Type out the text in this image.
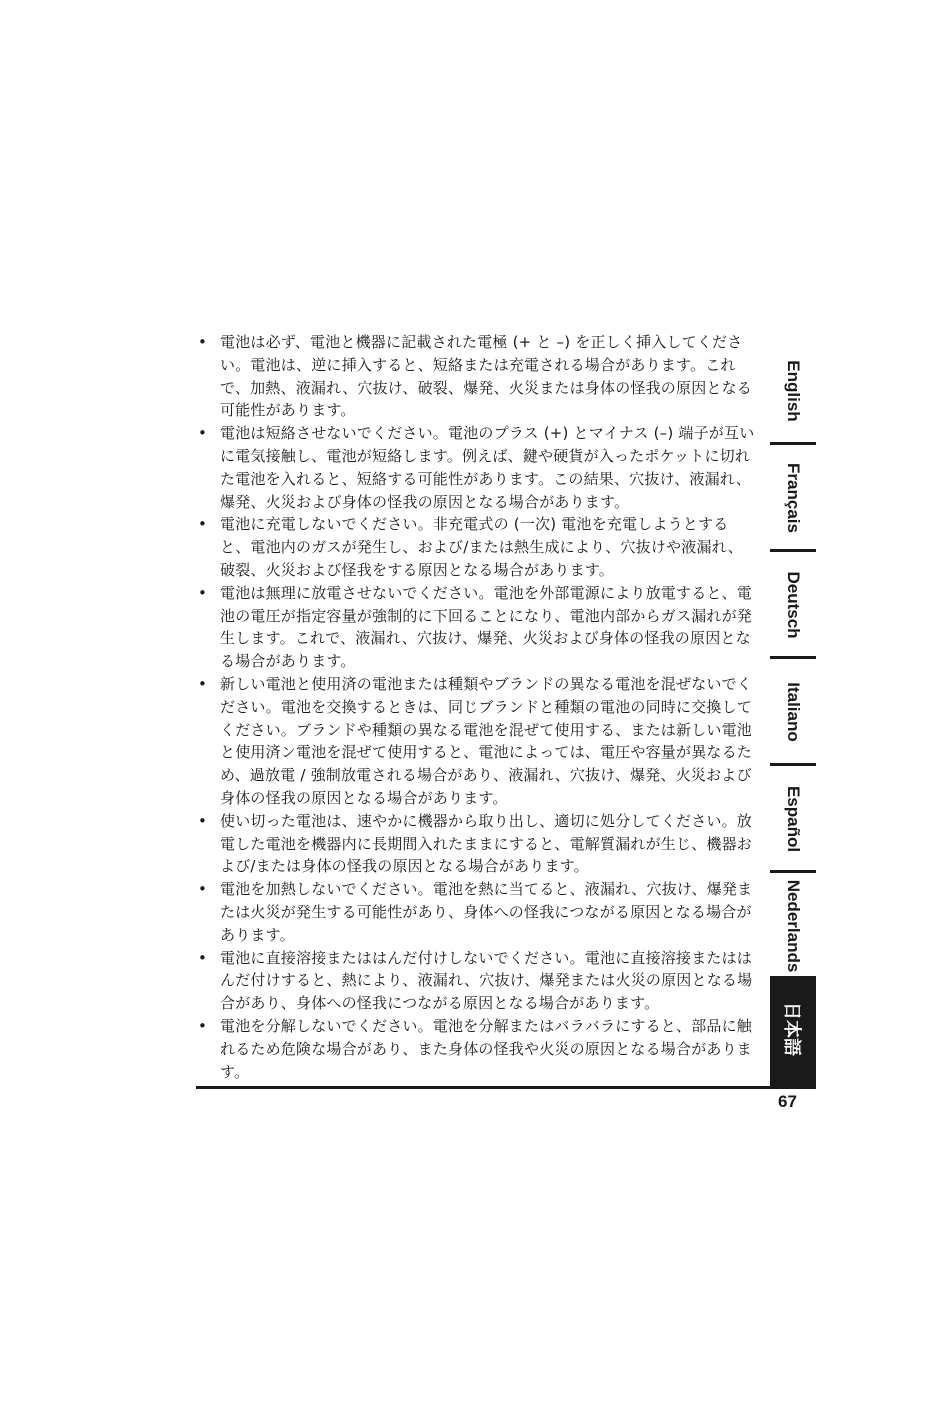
• 電池は必ず、電池と機器に記載された電極 (+ と –) を正しく挿入してください。電池は、逆に挿入すると、短絡または充電される場合があります。これで、加熱、液漏れ、穴抜け、破裂、爆発、火災または身体の怪我の原因となる可能性があります。
• 電池は短絡させないでください。電池のプラス (+) とマイナス (–) 端子が互いに電気接触し、電池が短絡します。例えば、鍵や硬貨が入ったポケットに切れた電池を入れると、短絡する可能性があります。この結果、穴抜け、液漏れ、爆発、火災および身体の怪我の原因となる場合があります。
• 電池に充電しないでください。非充電式の (一次) 電池を充電しようとすると、電池内のガスが発生し、および/または熱生成により、穴抜けや液漏れ、破裂、火災および怪我をする原因となる場合があります。
• 電池は無理に放電させないでください。電池を外部電源により放電すると、電池の電圧が指定容量が強制的に下回ることになり、電池内部からガス漏れが発生します。これで、液漏れ、穴抜け、爆発、火災および身体の怪我の原因となる場合があります。
• 新しい電池と使用済の電池または種類やブランドの異なる電池を混ぜないでください。電池を交換するときは、同じブランドと種類の電池の同時に交換してください。ブランドや種類の異なる電池を混ぜて使用する、または新しい電池と使用済ン電池を混ぜて使用すると、電池によっては、電圧や容量が異なるため、過放電 / 強制放電される場合があり、液漏れ、穴抜け、爆発、火災および身体の怪我の原因となる場合があります。
• 使い切った電池は、速やかに機器から取り出し、適切に処分してください。放電した電池を機器内に長期間入れたままにすると、電解質漏れが生じ、機器および/または身体の怪我の原因となる場合があります。
• 電池を加熱しないでください。電池を熱に当てると、液漏れ、穴抜け、爆発または火災が発生する可能性があり、身体への怪我につながる原因となる場合があります。
• 電池に直接溶接またははんだ付けしないでください。電池に直接溶接またははんだ付けすると、熱により、液漏れ、穴抜け、爆発または火災の原因となる場合があり、身体への怪我につながる原因となる場合があります。
• 電池を分解しないでください。電池を分解またはバラバラにすると、部品に触れるため危険な場合があり、また身体の怪我や火災の原因となる場合があります。
English
Français
Deutsch
Italiano
Español
Nederlands
日本語
67
